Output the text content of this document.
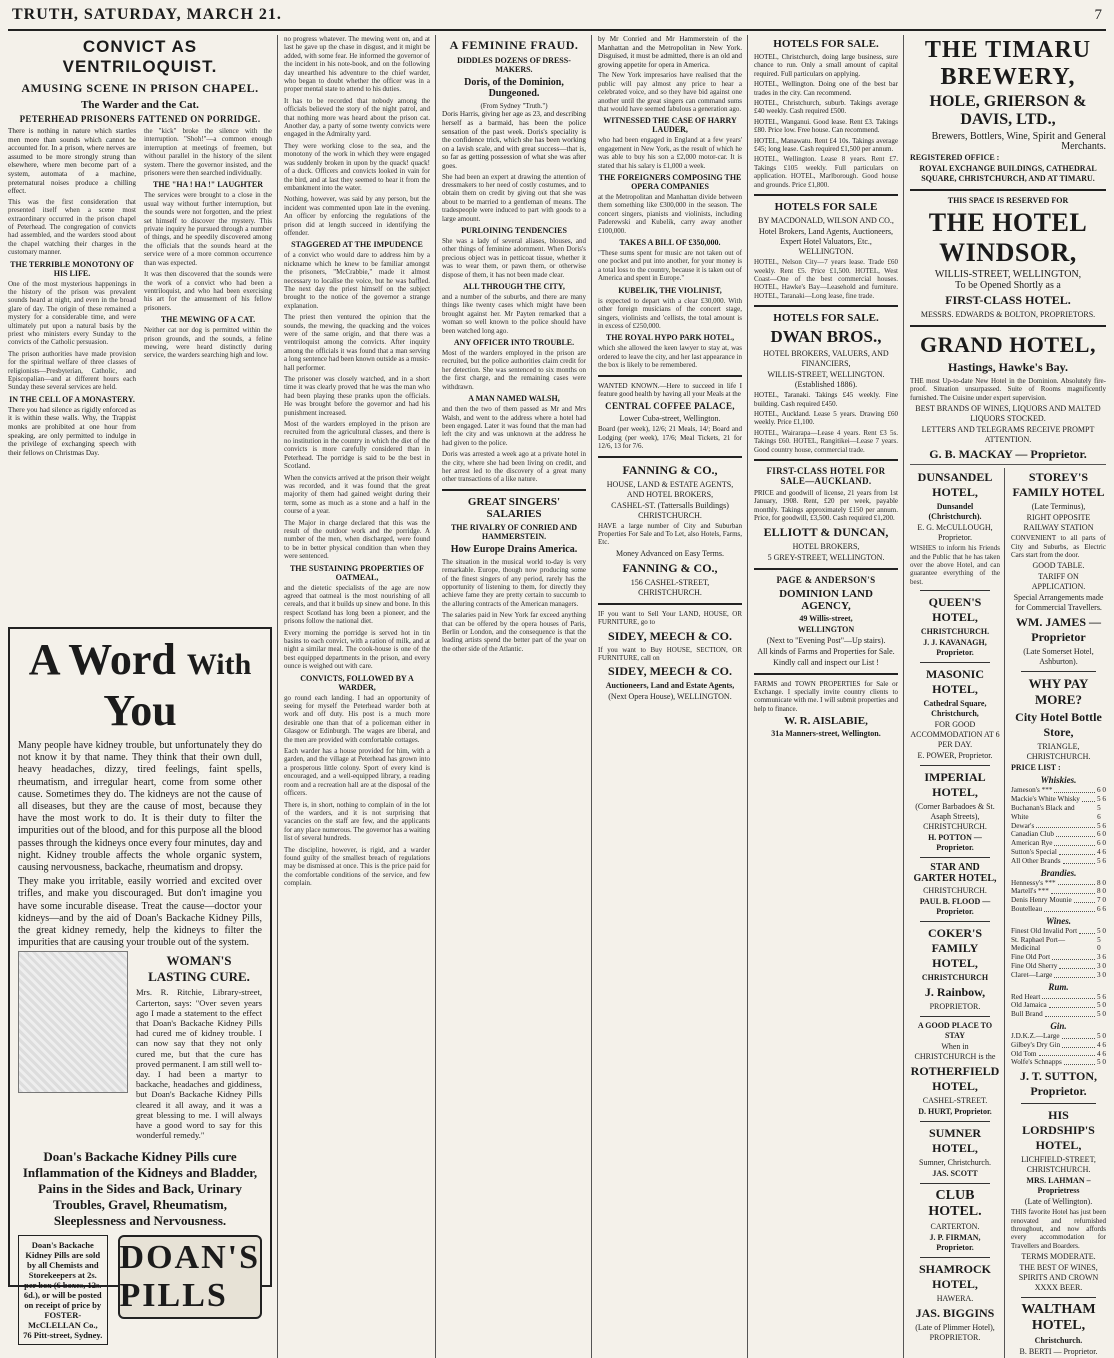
TRUTH, SATURDAY, MARCH 21.	7
CONVICT AS VENTRILOQUIST.
AMUSING SCENE IN PRISON CHAPEL.
The Warder and the Cat.
PETERHEAD PRISONERS FATTENED ON PORRIDGE.

There is nothing in nature which startles men more than sounds which cannot be accounted for. In a prison, where nerves are assumed to be more strongly strung than elsewhere, where men become part of a system, automata of a machine, preternatural noises produce a chilling effect.

This was the first consideration that presented itself when a scene most extraordinary occurred in the prison chapel of Peterhead. The congregation of convicts had assembled, and the warders stood about the chapel watching their charges in the customary manner.

THE TERRIBLE MONOTONY OF HIS LIFE.

One of the most mysterious happenings in the history of the prison was prevalent sounds heard at night, and even in the broad glare of day. The origin of these remained a mystery for a considerable time, and were ultimately put upon a natural basis by the priest who ministers every Sunday to the convicts of the Catholic persuasion.

The prison authorities have made provision for the spiritual welfare of three classes of religionists—Presbyterian, Catholic, and Episcopalian—and at different hours each Sunday these several services are held.

IN THE CELL OF A MONASTERY.

There you had silence as rigidly enforced as it is within these walls. Why, the Trappist monks are prohibited at one hour from speaking, are only permitted to indulge in the privilege of exchanging speech with their fellows on Christmas Day.

the "kick" broke the silence with the interruption. "Shoh!"—a common enough interruption at meetings of freemen, but without parallel in the history of the silent system. There the governor insisted, and the prisoners were then searched individually.

THE "HA ! HA !" LAUGHTER

The services were brought to a close in the usual way without further interruption, but the sounds were not forgotten, and the priest set himself to discover the mystery. This private inquiry he pursued through a number of things, and he speedily discovered among the officials that the sounds heard at the service were of a more common occurrence than was expected.

It was then discovered that the sounds were the work of a convict who had been a ventriloquist, and who had been exercising his art for the amusement of his fellow prisoners.

THE MEWING OF A CAT.

Neither cat nor dog is permitted within the prison grounds, and the sounds, a feline mewing, were heard distinctly during service, the warders searching high and low.

A Word With You

Many people have kidney trouble, but unfortunately they do not know it by that name. They think that their own dull, heavy headaches, dizzy, tired feelings, faint spells, rheumatism, and irregular heart, come from some other cause. Sometimes they do. The kidneys are not the cause of all diseases, but they are the cause of most, because they have the most work to do. It is their duty to filter the impurities out of the blood, and for this purpose all the blood passes through the kidneys once every four minutes, day and night. Kidney trouble affects the whole organic system, causing nervousness, backache, rheumatism and dropsy.

They make you irritable, easily worried and excited over trifles, and make you discouraged. But don't imagine you have some incurable disease. Treat the cause—doctor your kidneys—and by the aid of Doan's Backache Kidney Pills, the great kidney remedy, help the kidneys to filter the impurities that are causing your trouble out of the system.

WOMAN'S LASTING CURE.

Mrs. R. Ritchie, Library-street, Carterton, says: "Over seven years ago I made a statement to the effect that Doan's Backache Kidney Pills had cured me of kidney trouble. I can now say that they not only cured me, but that the cure has proved permanent. I am still well to-day. I had been a martyr to backache, headaches and giddiness, but Doan's Backache Kidney Pills cleared it all away, and it was a great blessing to me. I will always have a good word to say for this wonderful remedy."

Doan's Backache Kidney Pills cure Inflammation of the Kidneys and Bladder, Pains in the Sides and Back, Urinary Troubles, Gravel, Rheumatism, Sleeplessness and Nervousness.
Doan's Backache Kidney Pills are sold by all Chemists and Storekeepers at 2s. per box (6 boxes, 12s. 6d.), or will be posted on receipt of price by FOSTER-McCLELLAN Co., 76 Pitt-street, Sydney.
DOAN'S PILLS

no progress whatever. The mewing went on, and at last he gave up the chase in disgust, and it might be added, with some fear. He informed the governor of the incident in his note-book, and on the following day unearthed his adventure to the chief warder, who began to doubt whether the officer was in a proper mental state to attend to his duties.

It has to be recorded that nobody among the officials believed the story of the night patrol, and that nothing more was heard about the prison cat. Another day, a party of some twenty convicts were engaged in the Admiralty yard.

They were working close to the sea, and the monotony of the work in which they were engaged was suddenly broken in upon by the quack! quack! of a duck. Officers and convicts looked in vain for the bird, and at last they seemed to hear it from the embankment into the water.

Nothing, however, was said by any person, but the incident was commented upon late in the evening. An officer by enforcing the regulations of the prison did at length succeed in identifying the offender.

STAGGERED AT THE IMPUDENCE

of a convict who would dare to address him by a nickname which he knew to be familiar amongst the prisoners, "McCrabbie," made it almost necessary to localise the voice, but he was baffled. The next day the priest himself on the subject brought to the notice of the governor a strange explanation.

The priest then ventured the opinion that the sounds, the mewing, the quacking and the voices were of the same origin, and that there was a ventriloquist among the convicts. After inquiry among the officials it was found that a man serving a long sentence had been known outside as a music-hall performer.

The prisoner was closely watched, and in a short time it was clearly proved that he was the man who had been playing these pranks upon the officials. He was brought before the governor and had his punishment increased.

Most of the warders employed in the prison are recruited from the agricultural classes, and there is no institution in the country in which the diet of the convicts is more carefully considered than in Peterhead. The porridge is said to be the best in Scotland.

When the convicts arrived at the prison their weight was recorded, and it was found that the great majority of them had gained weight during their term, some as much as a stone and a half in the course of a year.

The Major in charge declared that this was the result of the outdoor work and the porridge. A number of the men, when discharged, were found to be in better physical condition than when they were sentenced.

THE SUSTAINING PROPERTIES OF OATMEAL,

and the dietetic specialists of the age are now agreed that oatmeal is the most nourishing of all cereals, and that it builds up sinew and bone. In this respect Scotland has long been a pioneer, and the prisons follow the national diet.

Every morning the porridge is served hot in tin basins to each convict, with a ration of milk, and at night a similar meal. The cook-house is one of the best equipped departments in the prison, and every ounce is weighed out with care.

CONVICTS, FOLLOWED BY A WARDER,

go round each landing. I had an opportunity of seeing for myself the Peterhead warder both at work and off duty. His post is a much more desirable one than that of a policeman either in Glasgow or Edinburgh. The wages are liberal, and the men are provided with comfortable cottages.

Each warder has a house provided for him, with a garden, and the village at Peterhead has grown into a prosperous little colony. Sport of every kind is encouraged, and a well-equipped library, a reading room and a recreation hall are at the disposal of the officers.

There is, in short, nothing to complain of in the lot of the warders, and it is not surprising that vacancies on the staff are few, and the applicants for any place numerous. The governor has a waiting list of several hundreds.

The discipline, however, is rigid, and a warder found guilty of the smallest breach of regulations may be dismissed at once. This is the price paid for the comfortable conditions of the service, and few complain.

A FEMININE FRAUD.
DIDDLES DOZENS OF DRESS-MAKERS.
Doris, of the Dominion, Dungeoned.
(From Sydney "Truth.")

Doris Harris, giving her age as 23, and describing herself as a barmaid, has been the police sensation of the past week. Doris's speciality is the confidence trick, which she has been working on a lavish scale, and with great success—that is, so far as getting possession of what she was after goes.

She had been an expert at drawing the attention of dressmakers to her need of costly costumes, and to obtain them on credit by giving out that she was about to be married to a gentleman of means. The tradespeople were induced to part with goods to a large amount.

PURLOINING TENDENCIES

She was a lady of several aliases, blouses, and other things of feminine adornment. When Doris's precious object was in petticoat tissue, whether it was to wear them, or pawn them, or otherwise dispose of them, it has not been made clear.

ALL THROUGH THE CITY,

and a number of the suburbs, and there are many things like twenty cases which might have been brought against her. Mr Payten remarked that a woman so well known to the police should have been watched long ago.

ANY OFFICER INTO TROUBLE.

Most of the warders employed in the prison are recruited, but the police authorities claim credit for her detection. She was sentenced to six months on the first charge, and the remaining cases were withdrawn.

A MAN NAMED WALSH,

and then the two of them passed as Mr and Mrs Walsh, and went to the address where a hotel had been engaged. Later it was found that the man had left the city and was unknown at the address he had given to the police.

Doris was arrested a week ago at a private hotel in the city, where she had been living on credit, and her arrest led to the discovery of a great many other transactions of a like nature.

GREAT SINGERS' SALARIES
THE RIVALRY OF CONRIED AND HAMMERSTEIN.
How Europe Drains America.

The situation in the musical world to-day is very remarkable. Europe, though now producing some of the finest singers of any period, rarely has the opportunity of listening to them, for directly they achieve fame they are pretty certain to succumb to the alluring contracts of the American managers.

The salaries paid in New York far exceed anything that can be offered by the opera houses of Paris, Berlin or London, and the consequence is that the leading artists spend the better part of the year on the other side of the Atlantic.

by Mr Conried and Mr Hammerstein of the Manhattan and the Metropolitan in New York. Disguised, it must be admitted, there is an old and growing appetite for opera in America.

The New York impresarios have realised that the public will pay almost any price to hear a celebrated voice, and so they have bid against one another until the great singers can command sums that would have seemed fabulous a generation ago.

WITNESSED THE CASE OF HARRY LAUDER,

who had been engaged in England at a few years' engagement in New York, as the result of which he was able to buy his son a £2,000 motor-car. It is stated that his salary is £1,000 a week.

THE FOREIGNERS COMPOSING THE OPERA COMPANIES

at the Metropolitan and Manhattan divide between them something like £300,000 in the season. The concert singers, pianists and violinists, including Paderewski and Kubelik, carry away another £100,000.

TAKES A BILL OF £350,000.

"These sums spent for music are not taken out of one pocket and put into another, for your money is a total loss to the country, because it is taken out of America and spent in Europe."

KUBELIK, THE VIOLINIST,

is expected to depart with a clear £30,000. With other foreign musicians of the concert stage, singers, violinists and 'cellists, the total amount is in excess of £250,000.

THE ROYAL HYPO PARK HOTEL,

which she allowed the keen lawyer to stay at, was ordered to leave the city, and her last appearance in the box is likely to be remembered.

WANTED KNOWN.—Here to succeed in life I feature good health by having all your Meals at the

CENTRAL COFFEE PALACE,
Lower Cuba-street, Wellington.

Board (per week), 12/6; 21 Meals, 14/; Board and Lodging (per week), 17/6; Meal Tickets, 21 for 12/6, 13 for 7/6.

FANNING & CO.,
HOUSE, LAND & ESTATE AGENTS, AND HOTEL BROKERS,
CASHEL-ST. (Tattersalls Buildings) CHRISTCHURCH.

HAVE a large number of City and Suburban Properties For Sale and To Let, also Hotels, Farms, Etc.

Money Advanced on Easy Terms.
FANNING & CO.,
156 CASHEL-STREET, CHRISTCHURCH.

IF you want to Sell Your LAND, HOUSE, OR FURNITURE, go to

SIDEY, MEECH & CO.

If you want to Buy HOUSE, SECTION, OR FURNITURE, call on

SIDEY, MEECH & CO.
Auctioneers, Land and Estate Agents,
(Next Opera House), WELLINGTON.
HOTELS FOR SALE.

HOTEL, Christchurch, doing large business, sure chance to run. Only a small amount of capital required. Full particulars on applying.

HOTEL, Wellington. Doing one of the best bar trades in the city. Can recommend.

HOTEL, Christchurch, suburb. Takings average £40 weekly. Cash required £500.

HOTEL, Wanganui. Good lease. Rent £3. Takings £80. Price low. Free house. Can recommend.

HOTEL, Manawatu. Rent £4 10s. Takings average £45; long lease. Cash required £1,500 per annum.

HOTEL, Wellington. Lease 8 years. Rent £7. Takings £105 weekly. Full particulars on application. HOTEL, Marlborough. Good house and grounds. Price £1,800.

HOTELS FOR SALE
BY MACDONALD, WILSON AND CO.,
Hotel Brokers, Land Agents, Auctioneers, Expert Hotel Valuators, Etc., WELLINGTON.

HOTEL, Nelson City—7 years lease. Trade £60 weekly. Rent £5. Price £1,500. HOTEL, West Coast—One of the best commercial houses. HOTEL, Hawke's Bay—Leasehold and furniture. HOTEL, Taranaki—Long lease, fine trade.

HOTELS FOR SALE.
DWAN BROS.,
HOTEL BROKERS, VALUERS, AND FINANCIERS,
WILLIS-STREET, WELLINGTON. (Established 1886).

HOTEL, Taranaki. Takings £45 weekly. Fine building. Cash required £450.

HOTEL, Auckland. Lease 5 years. Drawing £60 weekly. Price £1,100.

HOTEL, Wairarapa—Lease 4 years. Rent £3 5s. Takings £60. HOTEL, Rangitikei—Lease 7 years. Good country house, commercial trade.

FIRST-CLASS HOTEL FOR SALE—AUCKLAND.

PRICE and goodwill of license, 21 years from 1st January, 1908. Rent, £20 per week, payable monthly. Takings approximately £150 per annum. Price, for goodwill, £3,500. Cash required £1,200.

ELLIOTT & DUNCAN,
HOTEL BROKERS,
5 GREY-STREET, WELLINGTON.
PAGE & ANDERSON'S
DOMINION LAND AGENCY,
49 Willis-street,
WELLINGTON
(Next to "Evening Post"—Up stairs).
All kinds of Farms and Properties for Sale.
Kindly call and inspect our List !

FARMS and TOWN PROPERTIES for Sale or Exchange. I specially invite country clients to communicate with me. I will submit properties and help to finance.

W. R. AISLABIE,
31a Manners-street, Wellington.
THE TIMARU BREWERY,
HOLE, GRIERSON & DAVIS, LTD.,
Brewers, Bottlers, Wine, Spirit and General Merchants.
REGISTERED OFFICE :
ROYAL EXCHANGE BUILDINGS, CATHEDRAL SQUARE, CHRISTCHURCH, AND AT TIMARU.
THIS SPACE IS RESERVED FOR
THE HOTEL WINDSOR,
WILLIS-STREET, WELLINGTON,
To be Opened Shortly as a
FIRST-CLASS HOTEL.
MESSRS. EDWARDS & BOLTON, PROPRIETORS.
GRAND HOTEL,
Hastings, Hawke's Bay.

THE most Up-to-date New Hotel in the Dominion. Absolutely fire-proof. Situation unsurpassed. Suite of Rooms magnificently furnished. The Cuisine under expert supervision.

BEST BRANDS OF WINES, LIQUORS AND MALTED LIQUORS STOCKED.
LETTERS AND TELEGRAMS RECEIVE PROMPT ATTENTION.
G. B. MACKAY — Proprietor.
DUNSANDEL HOTEL,
Dunsandel (Christchurch).
E. G. McCULLOUGH, Proprietor.

WISHES to inform his Friends and the Public that he has taken over the above Hotel, and can guarantee everything of the best.

QUEEN'S HOTEL,
CHRISTCHURCH.
J. J. KAVANAGH, Proprietor.
MASONIC HOTEL,
Cathedral Square, Christchurch,
FOR GOOD ACCOMMODATION AT 6 PER DAY.
E. POWER, Proprietor.
IMPERIAL HOTEL,
(Corner Barbadoes & St. Asaph Streets), CHRISTCHURCH.
H. POTTON — Proprietor.
STAR AND GARTER HOTEL,
CHRISTCHURCH.
PAUL B. FLOOD — Proprietor.
COKER'S FAMILY HOTEL,
CHRISTCHURCH
J. Rainbow,
PROPRIETOR.
A GOOD PLACE TO STAY
When in CHRISTCHURCH is the
ROTHERFIELD HOTEL,
CASHEL-STREET.
D. HURT, Proprietor.
SUMNER HOTEL,
Sumner, Christchurch.
JAS. SCOTT
CLUB HOTEL.
CARTERTON.
J. P. FIRMAN, Proprietor.
SHAMROCK HOTEL,
HAWERA.
JAS. BIGGINS
(Late of Plimmer Hotel), PROPRIETOR.
STOREY'S FAMILY HOTEL
(Late Terminus),
RIGHT OPPOSITE RAILWAY STATION

CONVENIENT to all parts of City and Suburbs, as Electric Cars start from the door.

GOOD TABLE.
TARIFF ON APPLICATION.
Special Arrangements made for Commercial Travellers.
WM. JAMES — Proprietor
(Late Somerset Hotel, Ashburton).
WHY PAY MORE?
City Hotel Bottle Store,
TRIANGLE, CHRISTCHURCH.
PRICE LIST :
Whiskies.
Jameson's ***	6 0
Mackie's White Whisky 5 6
Buchanan's Black and White
5 6
Dewar's	5 6
Canadian Club	6 0
American Rye	6 0
Sutton's Special	4 6
All Other Brands	5 6
Brandies.
Hennessy's ***	8 0
Martell's ***	8 0
Denis Henry Mounie	7 0
Boutelleau	6 6
Wines.
Finest Old Invalid Port	5 0
St. Raphael Port—Medicinal
5 0
Fine Old Port	3 6
Fine Old Sherry	3 0
Claret—Large	3 0
Rum.
Red Heart	5 6
Old Jamaica	5 0
Bull Brand	5 0
Gin.
J.D.K.Z.—Large	5 0
Gilbey's Dry Gin	4 6
Old Tom	4 6
Wolfe's Schnapps	5 0
J. T. SUTTON, Proprietor.
HIS LORDSHIP'S HOTEL,
LICHFIELD-STREET, CHRISTCHURCH.
MRS. LAHMAN – Proprietress
(Late of Wellington).

THIS favorite Hotel has just been renovated and refurnished throughout, and now affords every accommodation for Travellers and Boarders.

TERMS MODERATE.
THE BEST OF WINES, SPIRITS AND CROWN XXXX BEER.
WALTHAM HOTEL,
Christchurch.
B. BERTI — Proprietor.
